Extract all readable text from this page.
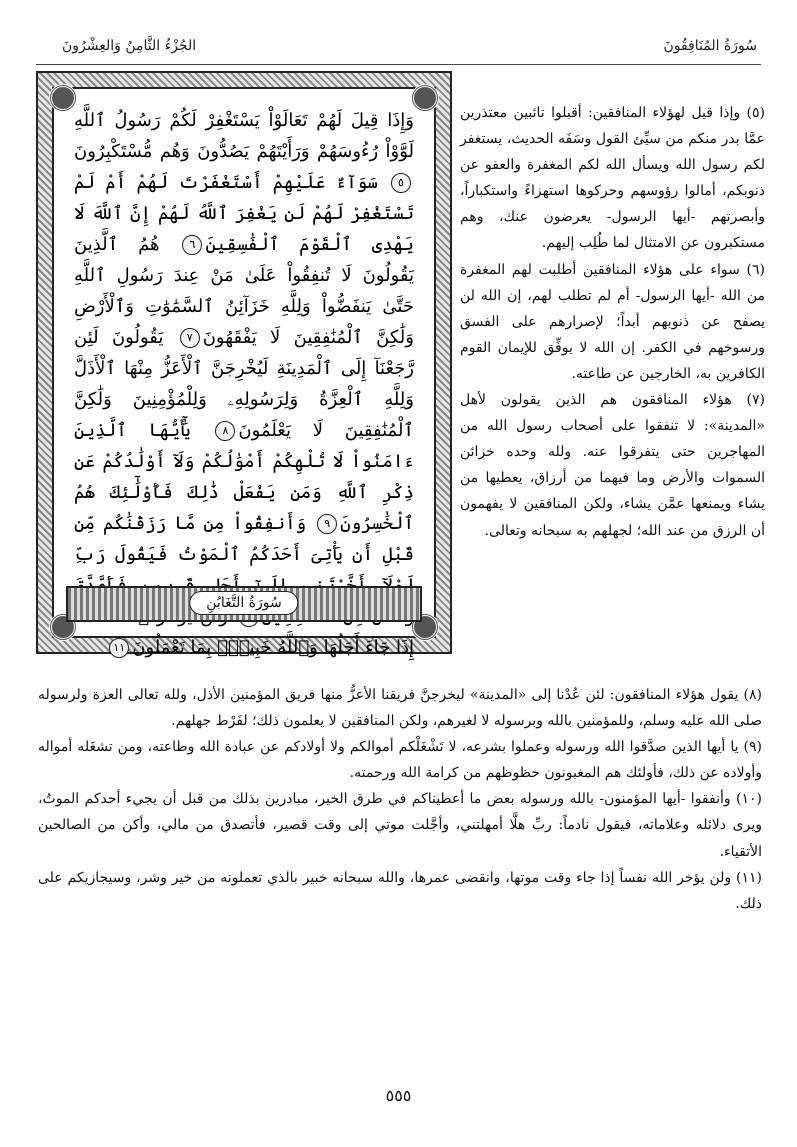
الجُزْءُ الثَّامِنُ وَالعِشْرُونَ	سُورَةُ المُنَافِقُونَ
وَإِذَا قِيلَ لَهُمْ تَعَالَوْاْ يَسْتَغْفِرْ لَكُمْ رَسُولُ ٱللَّهِ لَوَّوْاْ رُءُوسَهُمْ وَرَأَيْتَهُمْ يَصُدُّونَ وَهُم مُّسْتَكْبِرُونَ٥ سَوَآءٌ عَلَيْهِمْ أَسْتَغْفَرْتَ لَهُمْ أَمْ لَمْ تَسْتَغْفِرْ لَهُمْ لَن يَغْفِرَ ٱللَّهُ لَهُمْ إِنَّ ٱللَّهَ لَا يَهْدِى ٱلْقَوْمَ ٱلْفَٰسِقِينَ٦ هُمُ ٱلَّذِينَ يَقُولُونَ لَا تُنفِقُواْ عَلَىٰ مَنْ عِندَ رَسُولِ ٱللَّهِ حَتَّىٰ يَنفَضُّواْ وَلِلَّهِ خَزَآئِنُ ٱلسَّمَٰوَٰتِ وَٱلْأَرْضِ وَلَٰكِنَّ ٱلْمُنَٰفِقِينَ لَا يَفْقَهُونَ٧ يَقُولُونَ لَئِن رَّجَعْنَآ إِلَى ٱلْمَدِينَةِ لَيُخْرِجَنَّ ٱلْأَعَزُّ مِنْهَا ٱلْأَذَلَّ وَلِلَّهِ ٱلْعِزَّةُ وَلِرَسُولِهِۦ وَلِلْمُؤْمِنِينَ وَلَٰكِنَّ ٱلْمُنَٰفِقِينَ لَا يَعْلَمُونَ٨ يَٰٓأَيُّهَا ٱلَّذِينَ ءَامَنُواْ لَا تُلْهِكُمْ أَمْوَٰلُكُمْ وَلَآ أَوْلَٰدُكُمْ عَن ذِكْرِ ٱللَّهِ وَمَن يَفْعَلْ ذَٰلِكَ فَأُوْلَٰٓئِكَ هُمُ ٱلْخَٰسِرُونَ٩ وَأَنفِقُواْ مِن مَّا رَزَقْنَٰكُم مِّن قَبْلِ أَن يَأْتِىَ أَحَدَكُمُ ٱلْمَوْتُ فَيَقُولَ رَبِّ  إِذَا جَآءَ أَجَلُهَا وَٱللَّهُ خَبِيرٌۢ بِمَا تَعْمَلُونَ١١
سُورَةُ التَّغَابُنِ

(٥) وإذا قيل لهؤلاء المنافقين: أقبلوا تائبين معتذرين عمَّا بدر منكم من سيِّئ القول وسَفَه الحديث، يستغفر لكم رسول الله ويسأل الله لكم المغفرة والعفو عن ذنوبكم، أمالوا رؤوسهم وحركوها استهزاءً واستكباراً، وأبصرتهم -أيها الرسول- يعرضون عنك، وهم مستكبرون عن الامتثال لما طُلِب إليهم.

(٦) سواء على هؤلاء المنافقين أطلبت لهم المغفرة من الله -أيها الرسول- أم لم تطلب لهم، إن الله لن يصفح عن ذنوبهم أبداً؛ لإصرارهم على الفسق ورسوخهم في الكفر. إن الله لا يوفِّق للإيمان القوم الكافرين به، الخارجين عن طاعته.

(٧) هؤلاء المنافقون هم الذين يقولون لأهل «المدينة»: لا تنفقوا على أصحاب رسول الله من المهاجرين حتى يتفرقوا عنه. ولله وحده خزائن السموات والأرض وما فيهما من أرزاق، يعطيها من يشاء ويمنعها عمَّن يشاء، ولكن المنافقين لا يفهمون أن الرزق من عند الله؛ لجهلهم به سبحانه وتعالى.

(٨) يقول هؤلاء المنافقون: لئن عُدْنا إلى «المدينة» ليخرجنَّ فريقنا الأعزُّ منها فريق المؤمنين الأذل، ولله تعالى العزة ولرسوله صلى الله عليه وسلم، وللمؤمنين بالله وبرسوله لا لغيرهم، ولكن المنافقين لا يعلمون ذلك؛ لفَرْط جهلهم.

(٩) يا أيها الذين صدَّقوا الله ورسوله وعملوا بشرعه، لا تَشْغَلْكم أموالكم ولا أولادكم عن عبادة الله وطاعته، ومن تشغَله أمواله وأولاده عن ذلك، فأولئك هم المغبونون حظوظهم من كرامة الله ورحمته.

(١٠) وأنفقوا -أيها المؤمنون- بالله ورسوله بعض ما أعطيناكم في طرق الخير، مبادرين بذلك من قبل أن يجيء أحدكم الموتُ، ويرى دلائله وعلاماته، فيقول نادماً: ربِّ هلَّا أمهلتني، وأجَّلت موتي إلى وقت قصير، فأتصدق من مالي، وأكن من الصالحين الأتقياء.

(١١) ولن يؤخر الله نفساً إذا جاء وقت موتها، وانقضى عمرها، والله سبحانه خبير بالذي تعملونه من خير وشر، وسيجازيكم على ذلك.

٥٥٥
